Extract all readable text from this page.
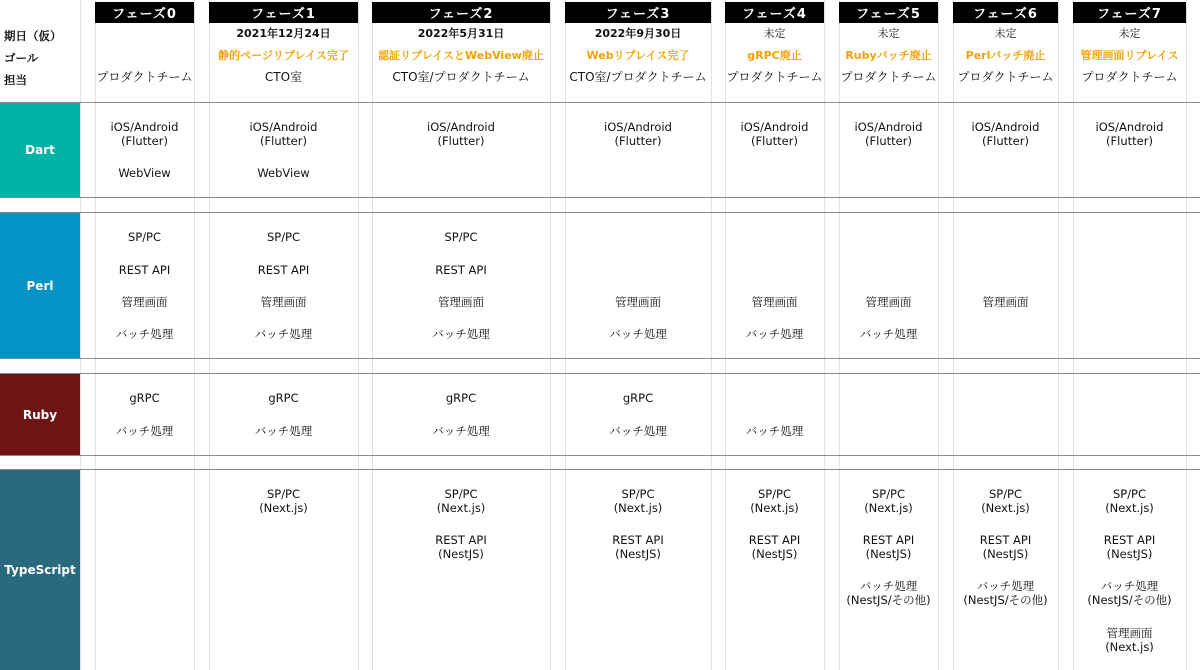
期日（仮）
ゴール
担当
フェーズ0
プロダクトチーム
フェーズ1
2021年12月24日
静的ページリプレイス完了
CTO室
フェーズ2
2022年5月31日
認証リプレイスとWebView廃止
CTO室/プロダクトチーム
フェーズ3
2022年9月30日
Webリプレイス完了
CTO室/プロダクトチーム
フェーズ4
未定
gRPC廃止
プロダクトチーム
フェーズ5
未定
Rubyバッチ廃止
プロダクトチーム
フェーズ6
未定
Perlバッチ廃止
プロダクトチーム
フェーズ7
未定
管理画面リプレイス
プロダクトチーム
Dart
Perl
Ruby
TypeScript
iOS/Android
(Flutter)
WebView
iOS/Android
(Flutter)
WebView
iOS/Android
(Flutter)
iOS/Android
(Flutter)
iOS/Android
(Flutter)
iOS/Android
(Flutter)
iOS/Android
(Flutter)
iOS/Android
(Flutter)
SP/PC
REST API
管理画面
バッチ処理
SP/PC
REST API
管理画面
バッチ処理
SP/PC
REST API
管理画面
バッチ処理
管理画面
バッチ処理
管理画面
バッチ処理
管理画面
バッチ処理
管理画面
gRPC
バッチ処理
gRPC
バッチ処理
gRPC
バッチ処理
gRPC
バッチ処理	バッチ処理
SP/PC
(Next.js)
SP/PC
(Next.js)
REST API
(NestJS)
SP/PC
(Next.js)
REST API
(NestJS)
SP/PC
(Next.js)
REST API
(NestJS)
SP/PC
(Next.js)
REST API
(NestJS)
バッチ処理
(NestJS/その他)
SP/PC
(Next.js)
REST API
(NestJS)
バッチ処理
(NestJS/その他)
SP/PC
(Next.js)
REST API
(NestJS)
バッチ処理
(NestJS/その他)
管理画面
(Next.js)
